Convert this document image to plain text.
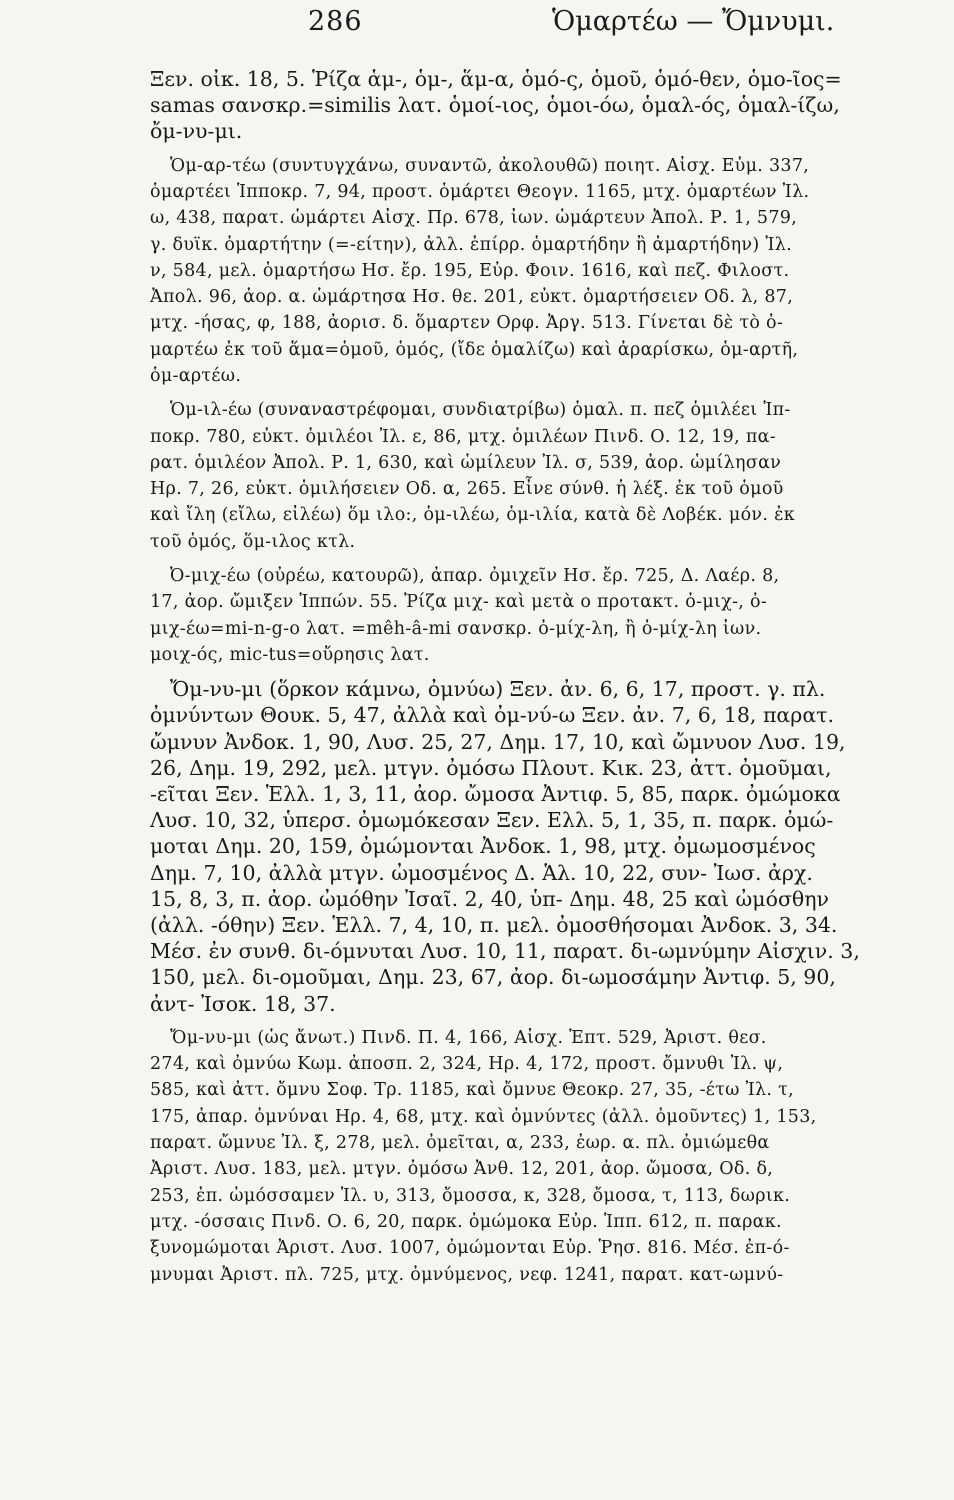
286	Ὁμαρτέω — Ὄμνυμι.
Ξεν. οἰκ. 18, 5. Ῥίζα ἁμ-, ὁμ-, ἅμ-α, ὁμό-ς, ὁμοῦ, ὁμό-θεν, ὁμο-ῖος=
samas σανσκρ.=similis λατ. ὁμοί-ιος, ὁμοι-όω, ὁμαλ-ός, ὁμαλ-ίζω,
ὄμ-νυ-μι.
Ὁμ-αρ-τέω (συντυγχάνω, συναντῶ, ἀκολουθῶ) ποιητ. Αἰσχ. Εὐμ. 337,
ὁμαρτέει Ἱπποκρ. 7, 94, προστ. ὁμάρτει Θεογν. 1165, μτχ. ὁμαρτέων Ἰλ.
ω, 438, παρατ. ὡμάρτει Αἰσχ. Πρ. 678, ἰων. ὡμάρτευν Ἀπολ. Ρ. 1, 579,
γ. δυϊκ. ὁμαρτήτην (=-είτην), ἀλλ. ἐπίρρ. ὁμαρτήδην ἢ ἁμαρτήδην) Ἰλ.
ν, 584, μελ. ὁμαρτήσω Ησ. ἔρ. 195, Εὐρ. Φοιν. 1616, καὶ πεζ. Φιλοστ.
Ἀπολ. 96, ἀορ. α. ὡμάρτησα Ησ. θε. 201, εὐκτ. ὁμαρτήσειεν Οδ. λ, 87,
μτχ. -ήσας, φ, 188, ἀορισ. δ. ὅμαρτεν Ορφ. Ἀργ. 513. Γίνεται δὲ τὸ ὁ-
μαρτέω ἐκ τοῦ ἅμα=ὁμοῦ, ὁμός, (ἴδε ὁμαλίζω) καὶ ἀραρίσκω, ὁμ-αρτῆ,
ὁμ-αρτέω.
Ὁμ-ιλ-έω (συναναστρέφομαι, συνδιατρίβω) ὁμαλ. π. πεζ ὁμιλέει Ἱπ-
ποκρ. 780, εὐκτ. ὁμιλέοι Ἰλ. ε, 86, μτχ. ὁμιλέων Πινδ. Ο. 12, 19, πα-
ρατ. ὁμιλέον Ἀπολ. Ρ. 1, 630, καὶ ὡμίλευν Ἰλ. σ, 539, ἀορ. ὡμίλησαν
Ηρ. 7, 26, εὐκτ. ὁμιλήσειεν Οδ. α, 265. Εἶνε σύνθ. ἡ λέξ. ἐκ τοῦ ὁμοῦ
καὶ ἴλη (εἴλω, εἰλέω) ὅμ ιλο:, ὁμ-ιλέω, ὁμ-ιλία, κατὰ δὲ Λοβέκ. μόν. ἐκ
τοῦ ὁμός, ὅμ-ιλος κτλ.
Ὀ-μιχ-έω (οὐρέω, κατουρῶ), ἀπαρ. ὀμιχεῖν Ησ. ἔρ. 725, Δ. Λαέρ. 8,
17, ἀορ. ὤμιξεν Ἱππών. 55. Ῥίζα μιχ- καὶ μετὰ ο προτακτ. ὀ-μιχ-, ὀ-
μιχ-έω=mi-n-g-o λατ. =mêh-â-mi σανσκρ. ὀ-μίχ-λη, ἢ ὀ-μίχ-λη ἰων.
μοιχ-ός, mic-tus=οὔρησις λατ.
Ὄμ-νυ-μι (ὅρκον κάμνω, ὀμνύω) Ξεν. ἀν. 6, 6, 17, προστ. γ. πλ.
ὀμνύντων Θουκ. 5, 47, ἀλλὰ καὶ ὀμ-νύ-ω Ξεν. ἀν. 7, 6, 18, παρατ.
ὤμνυν Ἀνδοκ. 1, 90, Λυσ. 25, 27, Δημ. 17, 10, καὶ ὤμνυον Λυσ. 19,
26, Δημ. 19, 292, μελ. μτγν. ὀμόσω Πλουτ. Κικ. 23, ἀττ. ὀμοῦμαι,
-εῖται Ξεν. Ἑλλ. 1, 3, 11, ἀορ. ὤμοσα Ἀντιφ. 5, 85, παρκ. ὀμώμοκα
Λυσ. 10, 32, ὑπερσ. ὀμωμόκεσαν Ξεν. Ελλ. 5, 1, 35, π. παρκ. ὀμώ-
μοται Δημ. 20, 159, ὀμώμονται Ἀνδοκ. 1, 98, μτχ. ὀμωμοσμένος
Δημ. 7, 10, ἀλλὰ μτγν. ὠμοσμένος Δ. Ἁλ. 10, 22, συν- Ἰωσ. ἀρχ.
15, 8, 3, π. ἀορ. ὠμόθην Ἰσαῖ. 2, 40, ὑπ- Δημ. 48, 25 καὶ ὠμόσθην
(ἀλλ. -όθην) Ξεν. Ἑλλ. 7, 4, 10, π. μελ. ὀμοσθήσομαι Ἀνδοκ. 3, 34.
Μέσ. ἐν συνθ. δι-όμνυται Λυσ. 10, 11, παρατ. δι-ωμνύμην Αἰσχιν. 3,
150, μελ. δι-ομοῦμαι, Δημ. 23, 67, ἀορ. δι-ωμοσάμην Ἀντιφ. 5, 90,
ἀντ- Ἰσοκ. 18, 37.
Ὄμ-νυ-μι (ὡς ἄνωτ.) Πινδ. Π. 4, 166, Αἰσχ. Ἑπτ. 529, Ἀριστ. θεσ.
274, καὶ ὀμνύω Κωμ. ἀποσπ. 2, 324, Ηρ. 4, 172, προστ. ὄμνυθι Ἰλ. ψ,
585, καὶ ἀττ. ὄμνυ Σοφ. Τρ. 1185, καὶ ὄμνυε Θεοκρ. 27, 35, -έτω Ἰλ. τ,
175, ἀπαρ. ὀμνύναι Ηρ. 4, 68, μτχ. καὶ ὀμνύντες (ἀλλ. ὀμοῦντες) 1, 153,
παρατ. ὤμνυε Ἰλ. ξ, 278, μελ. ὀμεῖται, α, 233, ἐωρ. α. πλ. ὀμιώμεθα
Ἀριστ. Λυσ. 183, μελ. μτγν. ὀμόσω Ἀνθ. 12, 201, ἀορ. ὤμοσα, Οδ. δ,
253, ἐπ. ὠμόσσαμεν Ἰλ. υ, 313, ὄμοσσα, κ, 328, ὄμοσα, τ, 113, δωρικ.
μτχ. -όσσαις Πινδ. Ο. 6, 20, παρκ. ὀμώμοκα Εὐρ. Ἱππ. 612, π. παρακ.
ξυνομώμοται Ἀριστ. Λυσ. 1007, ὀμώμονται Εὐρ. Ῥησ. 816. Μέσ. ἐπ-ό-
μνυμαι Ἀριστ. πλ. 725, μτχ. ὀμνύμενος, νεφ. 1241, παρατ. κατ-ωμνύ-
